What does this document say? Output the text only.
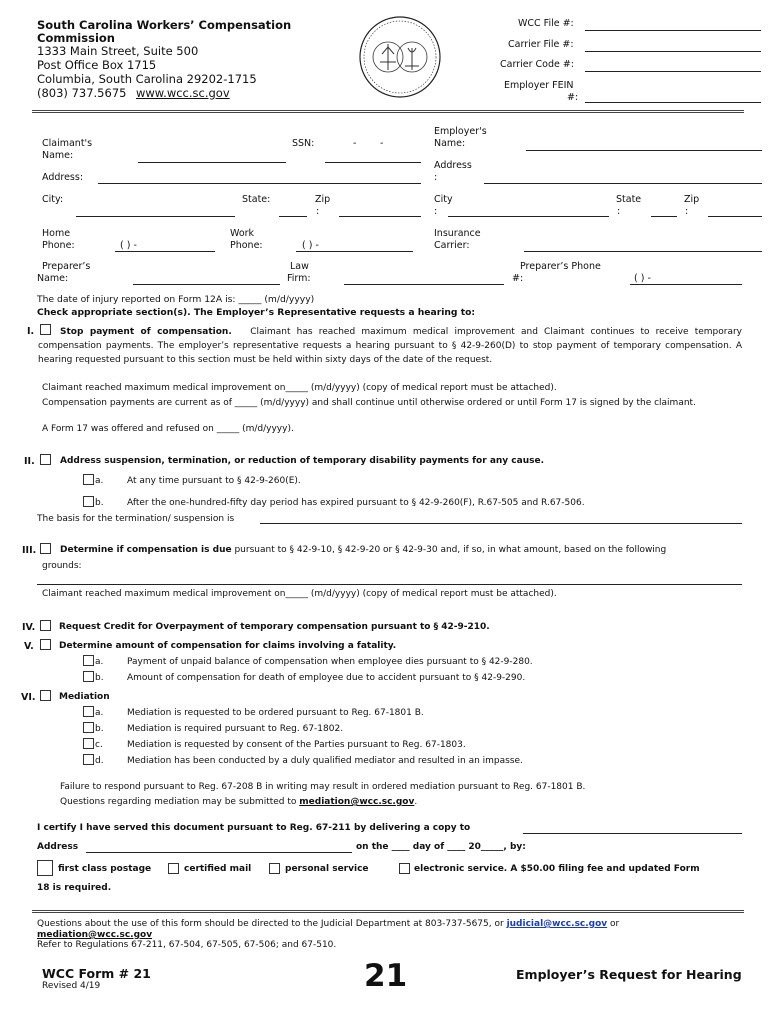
South Carolina Workers’ Compensation
Commission
1333 Main Street, Suite 500
Post Office Box 1715
Columbia, South Carolina 29202-1715
(803) 737.5675 www.wcc.sc.gov
WCC File #:
Carrier File #:
Carrier Code #:
Employer FEIN
#:
Claimant's
Name:
SSN:	- -
Employer's
Name:
Address:
Address
:
City:	State:	Zip
:
City
:
State
:
Zip
:
Home
Phone:	( ) -
Work
Phone:	( ) -
Insurance
Carrier:
Preparer’s
Name:
Law
Firm:
Preparer’s Phone
#:	( ) -
The date of injury reported on Form 12A is: _____ (m/d/yyyy)
Check appropriate section(s). The Employer’s Representative requests a hearing to:
I.	Stop payment of compensation. Claimant has reached maximum medical improvement and Claimant continues to receive temporary compensation payments. The employer’s representative requests a hearing pursuant to § 42-9-260(D) to stop payment of temporary compensation. A hearing requested pursuant to this section must be held within sixty days of the date of the request.
Claimant reached maximum medical improvement on_____ (m/d/yyyy) (copy of medical report must be attached).
Compensation payments are current as of _____ (m/d/yyyy) and shall continue until otherwise ordered or until Form 17 is signed by the claimant.
A Form 17 was offered and refused on _____ (m/d/yyyy).
II.	Address suspension, termination, or reduction of temporary disability payments for any cause.
a.	At any time pursuant to § 42-9-260(E).
b.	After the one-hundred-fifty day period has expired pursuant to § 42-9-260(F), R.67-505 and R.67-506.
The basis for the termination/ suspension is
III.	Determine if compensation is due pursuant to § 42-9-10, § 42-9-20 or § 42-9-30 and, if so, in what amount, based on the following
grounds:
Claimant reached maximum medical improvement on_____ (m/d/yyyy) (copy of medical report must be attached).
IV.	Request Credit for Overpayment of temporary compensation pursuant to § 42-9-210.
V.	Determine amount of compensation for claims involving a fatality.
a.	Payment of unpaid balance of compensation when employee dies pursuant to § 42-9-280.
b.	Amount of compensation for death of employee due to accident pursuant to § 42-9-290.
VI.	Mediation
a.	Mediation is requested to be ordered pursuant to Reg. 67-1801 B.
b.	Mediation is required pursuant to Reg. 67-1802.
c.	Mediation is requested by consent of the Parties pursuant to Reg. 67-1803.
d.	Mediation has been conducted by a duly qualified mediator and resulted in an impasse.
Failure to respond pursuant to Reg. 67-208 B in writing may result in ordered mediation pursuant to Reg. 67-1801 B.
Questions regarding mediation may be submitted to mediation@wcc.sc.gov.
I certify I have served this document pursuant to Reg. 67-211 by delivering a copy to
Address	on the ____ day of ____ 20_____, by:
first class postage	certified mail	personal service	electronic service. A $50.00 filing fee and updated Form
18 is required.
Questions about the use of this form should be directed to the Judicial Department at 803-737-5675, or judicial@wcc.sc.gov or
mediation@wcc.sc.gov
Refer to Regulations 67-211, 67-504, 67-505, 67-506; and 67-510.
WCC Form # 21
Revised 4/19	21	Employer’s Request for Hearing
